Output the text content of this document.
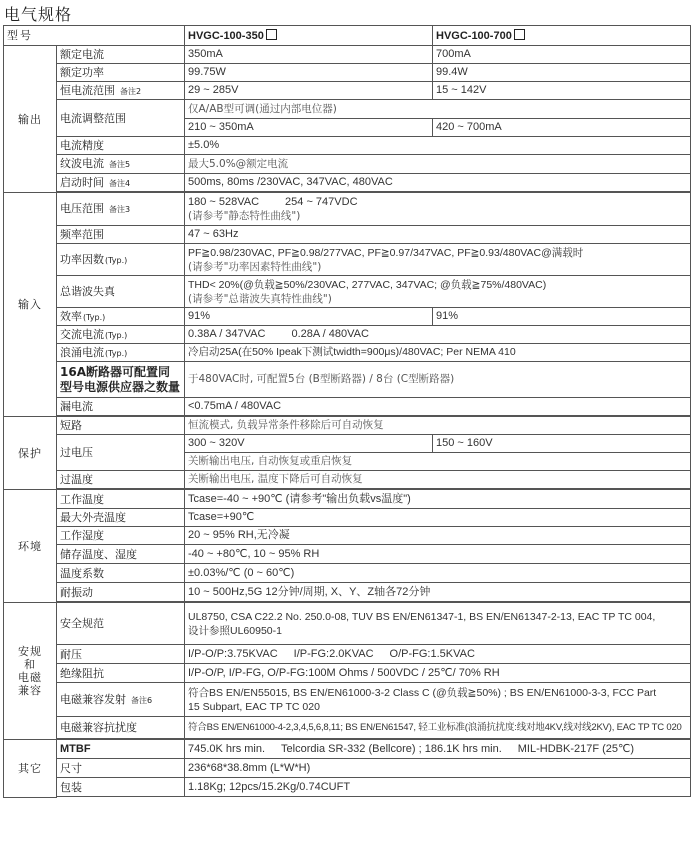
电气规格
型号		HVGC-100-350	HVGC-100-700
输出	额定电流	350mA	700mA
	额定功率	99.75W	99.4W
	恒电流范围 备注2	29 ~ 285V	15 ~ 142V
	电流调整范围	仅A/AB型可调(通过内部电位器)	
		210 ~ 350mA	420 ~ 700mA
	电流精度	±5.0%	
	纹波电流 备注5	最大5.0%@额定电流	
	启动时间 备注4	500ms, 80ms /230VAC, 347VAC, 480VAC	

输入	电压范围 备注3	180 ~ 528VAC 254 ~ 747VDC
(请参考"静态特性曲线")	
	频率范围	47 ~ 63Hz	
	功率因数(Typ.)	PF≧0.98/230VAC, PF≧0.98/277VAC, PF≧0.97/347VAC, PF≧0.93/480VAC@满载时
(请参考"功率因素特性曲线")	
	总谐波失真	THD< 20%(@负载≧50%/230VAC, 277VAC, 347VAC; @负载≧75%/480VAC)
(请参考"总谐波失真特性曲线")	
	效率(Typ.)	91%	91%
	交流电流(Typ.)	0.38A / 347VAC 0.28A / 480VAC	
	浪涌电流(Typ.)	冷启动25A(在50% Ipeak下测试twidth=900μs)/480VAC; Per NEMA 410	
	16A断路器可配置同型号电源供应器之数量	于480VAC时, 可配置5台 (B型断路器) / 8台 (C型断路器)	
	漏电流	<0.75mA / 480VAC	

保护	短路	恒流模式, 负载异常条件移除后可自动恢复	
	过电压	300 ~ 320V	150 ~ 160V
		关断输出电压, 自动恢复或重启恢复	
	过温度	关断输出电压, 温度下降后可自动恢复	

环境	工作温度	Tcase=-40 ~ +90℃ (请参考"输出负载vs温度")	
	最大外壳温度	Tcase=+90℃	
	工作湿度	20 ~ 95% RH,无冷凝	
	储存温度、湿度	-40 ~ +80℃, 10 ~ 95% RH	
	温度系数	±0.03%/℃ (0 ~ 60℃)	
	耐振动	10 ~ 500Hz,5G 12分钟/周期, X、Y、Z轴各72分钟	

安规
和
电磁
兼容	安全规范	UL8750, CSA C22.2 No. 250.0-08, TUV BS EN/EN61347-1, BS EN/EN61347-2-13, EAC TP TC 004,
设计参照UL60950-1	
	耐压	I/P-O/P:3.75KVAC I/P-FG:2.0KVAC O/P-FG:1.5KVAC	
	绝缘阻抗	I/P-O/P, I/P-FG, O/P-FG:100M Ohms / 500VDC / 25℃/ 70% RH	
	电磁兼容发射 备注6	符合BS EN/EN55015, BS EN/EN61000-3-2 Class C (@负载≧50%) ; BS EN/EN61000-3-3, FCC Part
15 Subpart, EAC TP TC 020	
	电磁兼容抗扰度	符合BS EN/EN61000-4-2,3,4,5,6,8,11; BS EN/EN61547, 轻工业标准(浪涌抗扰度:线对地4KV,线对线2KV), EAC TP TC 020	

其它	MTBF	745.0K hrs min. Telcordia SR-332 (Bellcore) ; 186.1K hrs min. MIL-HDBK-217F (25℃)	
	尺寸	236*68*38.8mm (L*W*H)	
	包装	1.18Kg; 12pcs/15.2Kg/0.74CUFT	
